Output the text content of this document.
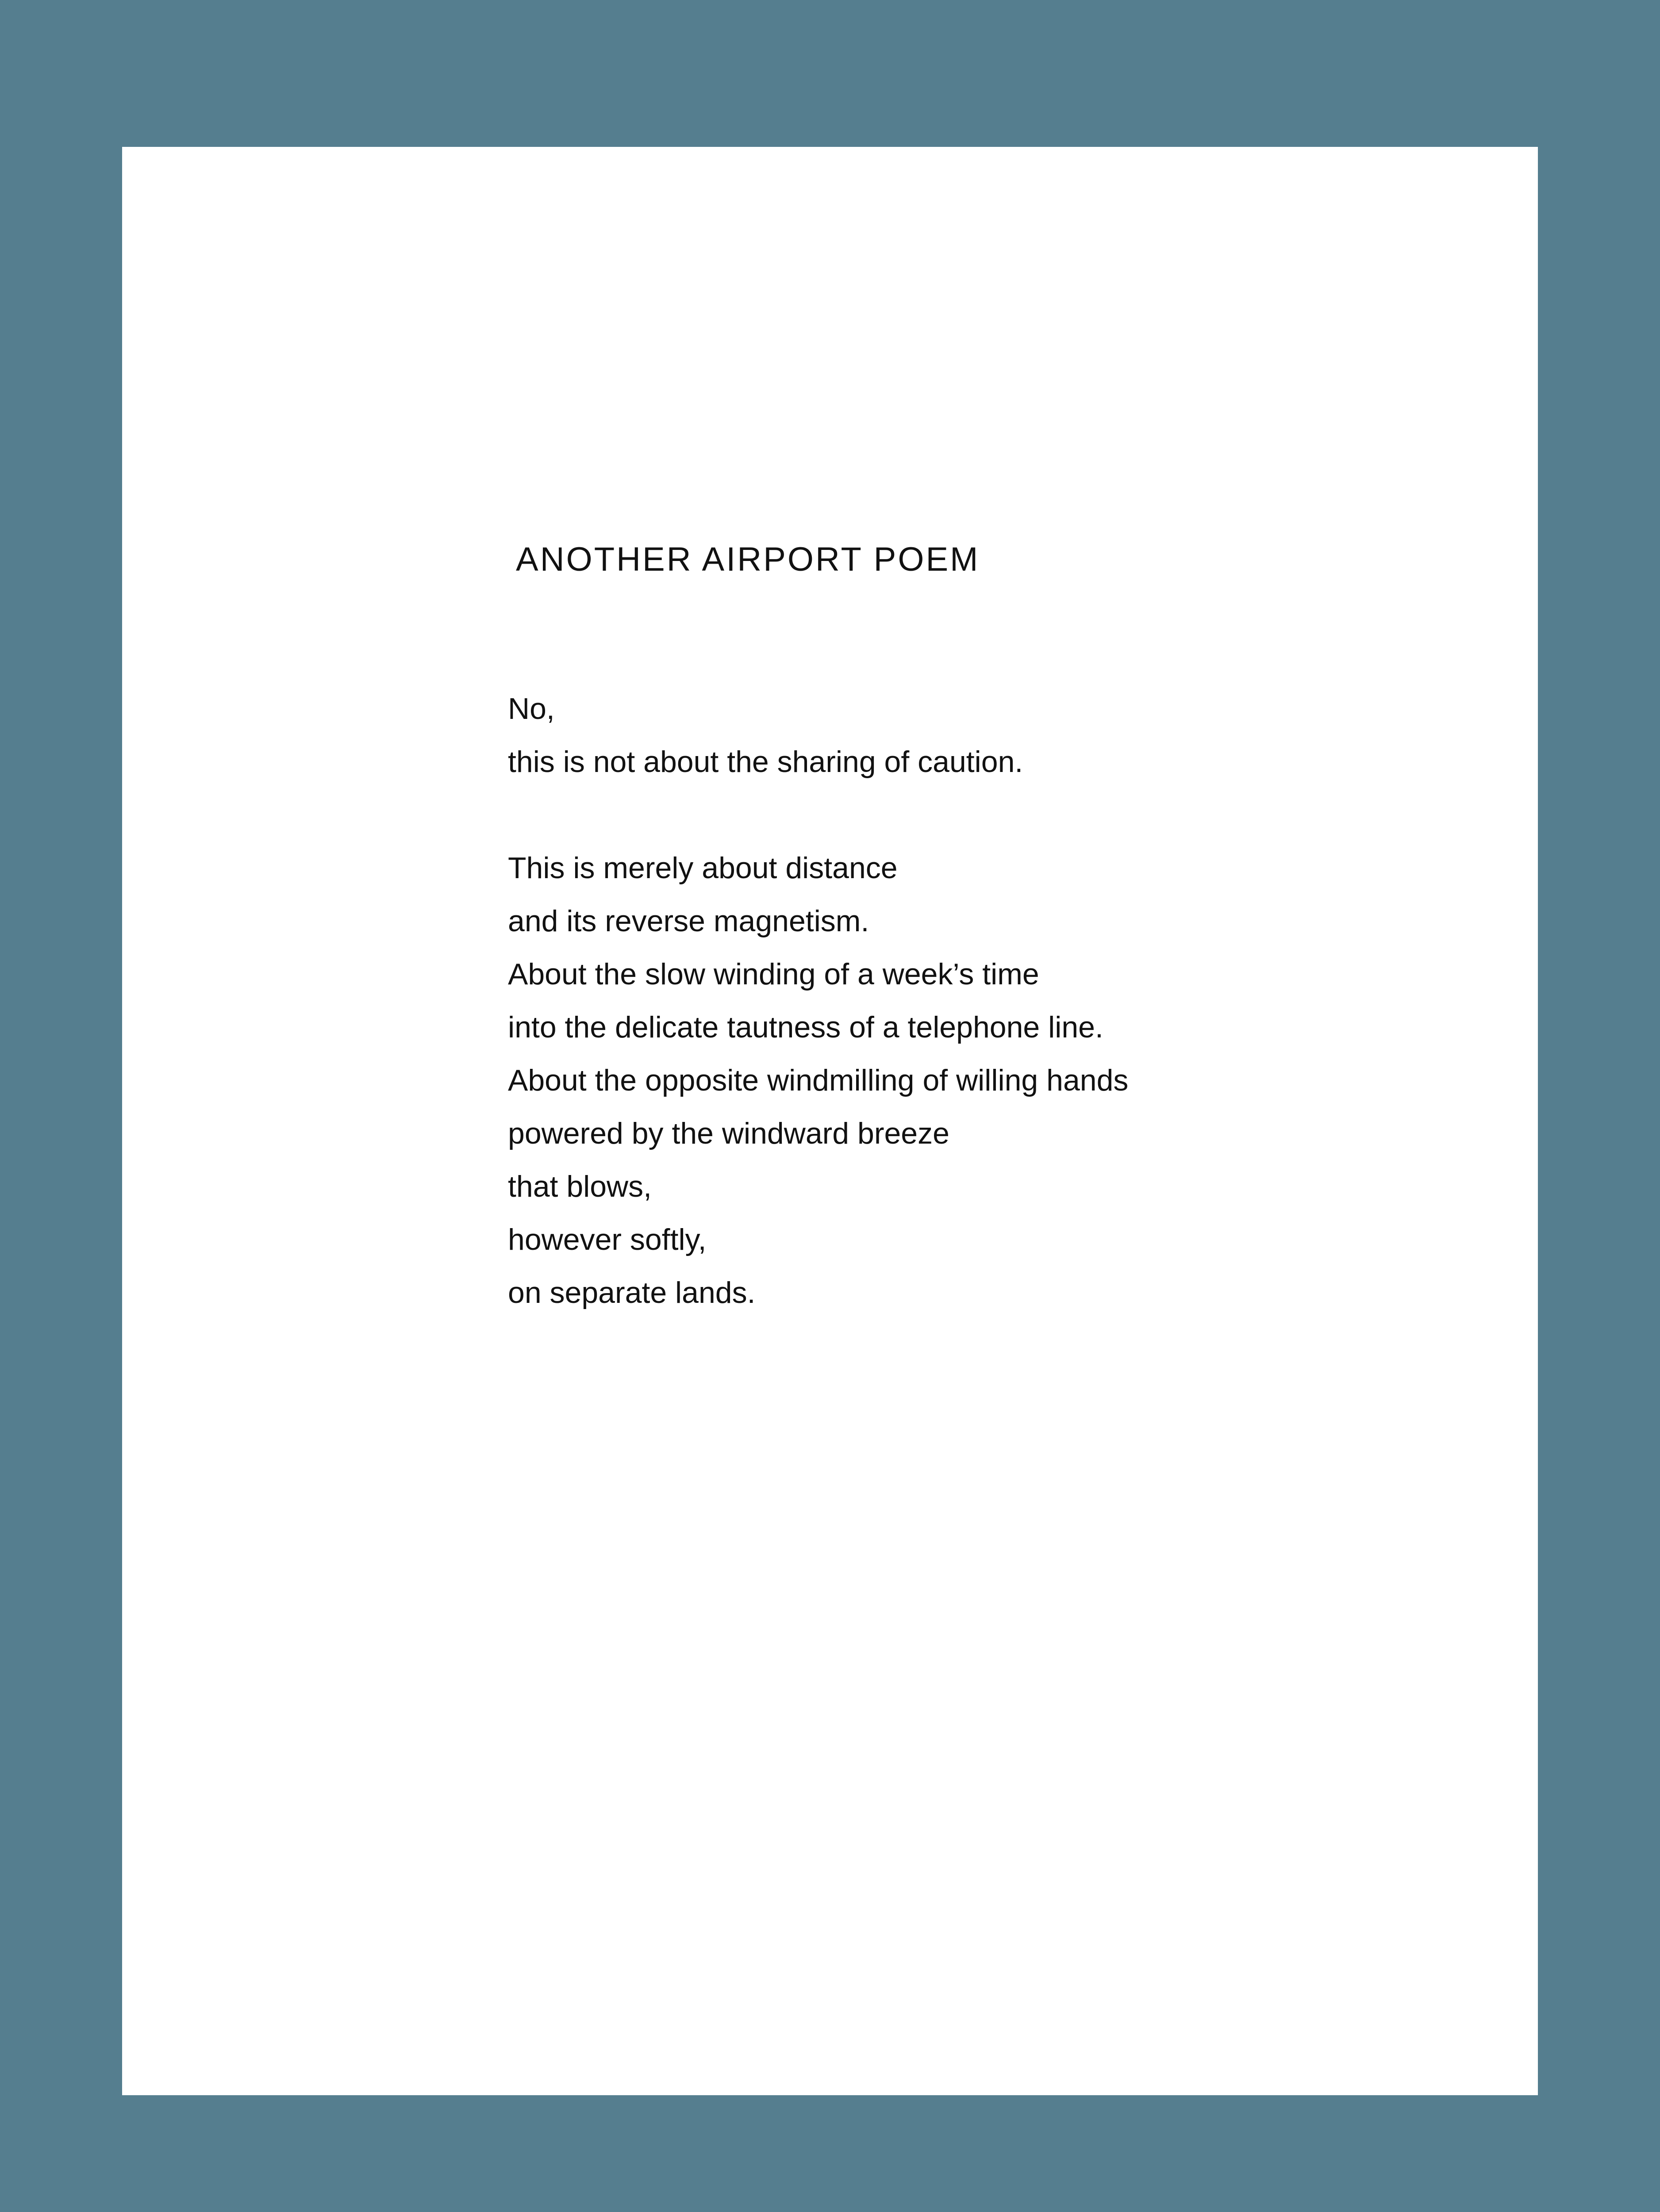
ANOTHER AIRPORT POEM

No,
this is not about the sharing of caution.

This is merely about distance
and its reverse magnetism.
About the slow winding of a week’s time
into the delicate tautness of a telephone line.
About the opposite windmilling of willing hands
powered by the windward breeze
that blows,
however softly,
on separate lands.
